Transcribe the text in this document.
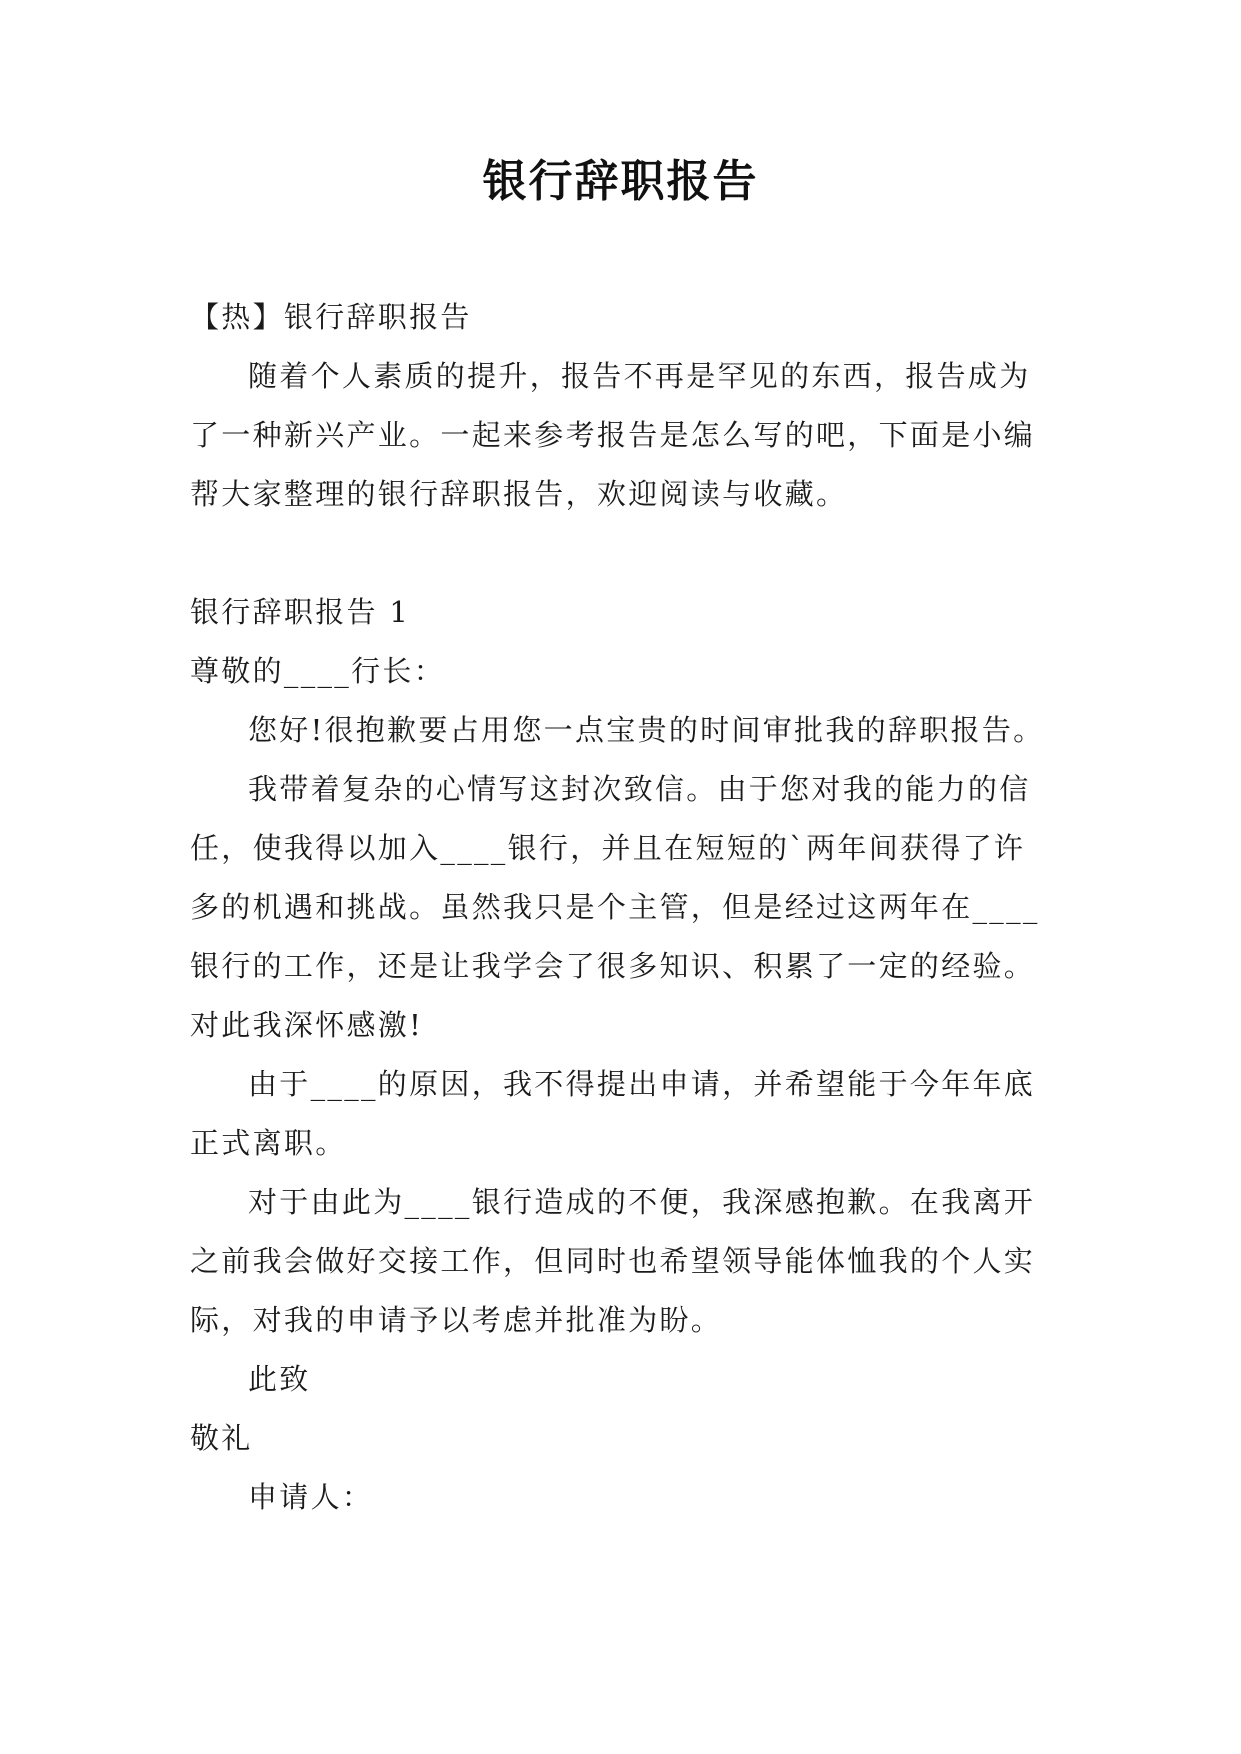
银行辞职报告

【热】银行辞职报告

随着个人素质的提升，报告不再是罕见的东西，报告成为了一种新兴产业。一起来参考报告是怎么写的吧，下面是小编帮大家整理的银行辞职报告，欢迎阅读与收藏。

银行辞职报告 1

尊敬的____行长：

您好!很抱歉要占用您一点宝贵的时间审批我的辞职报告。

我带着复杂的心情写这封次致信。由于您对我的能力的信任，使我得以加入____银行，并且在短短的`两年间获得了许多的机遇和挑战。虽然我只是个主管，但是经过这两年在____银行的工作，还是让我学会了很多知识、积累了一定的经验。对此我深怀感激!

由于____的原因，我不得提出申请，并希望能于今年年底正式离职。

对于由此为____银行造成的不便，我深感抱歉。在我离开之前我会做好交接工作，但同时也希望领导能体恤我的个人实际，对我的申请予以考虑并批准为盼。

此致

敬礼

申请人：
